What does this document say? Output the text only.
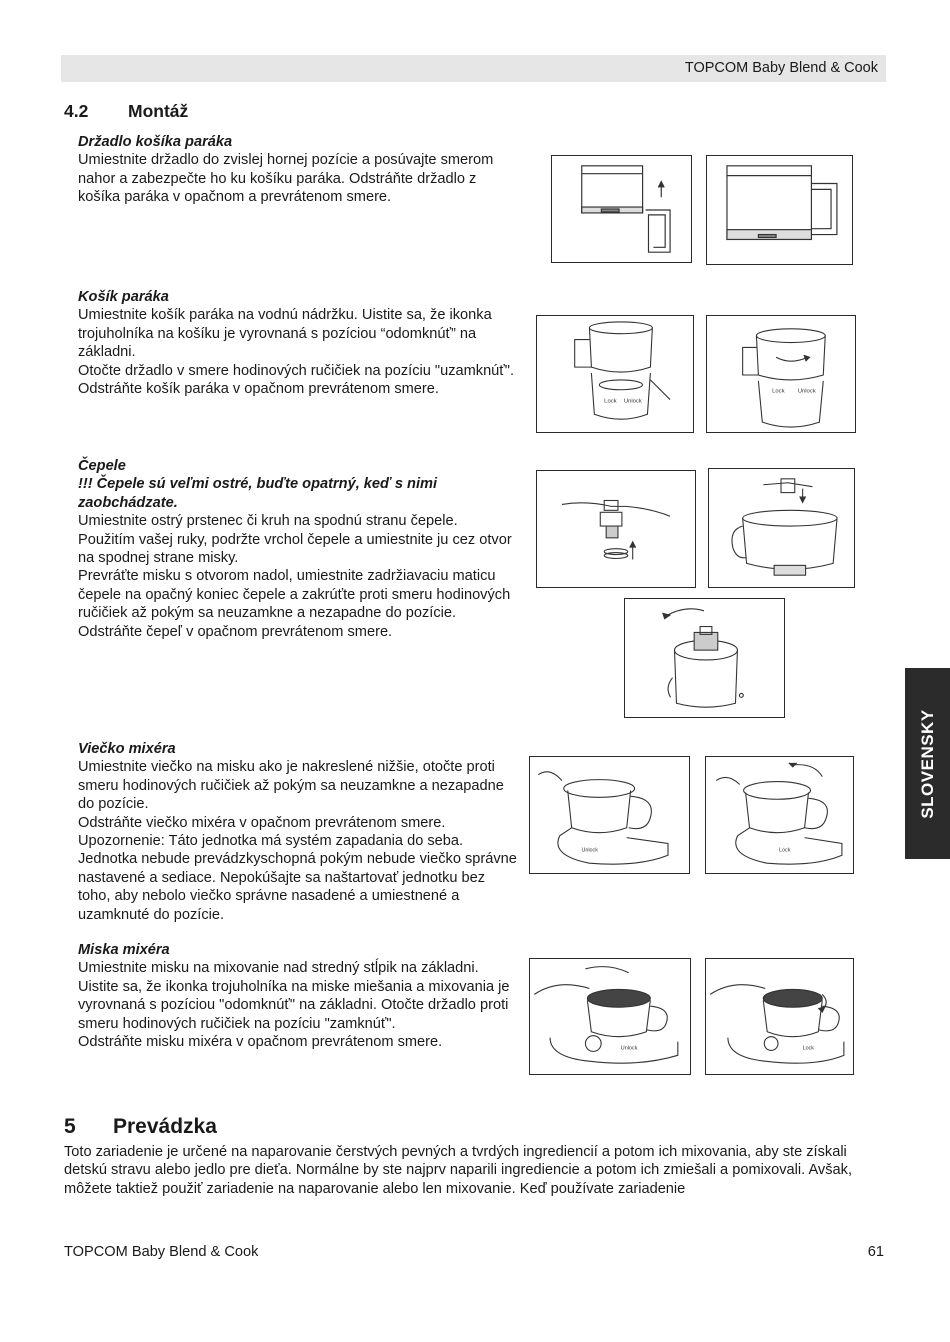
TOPCOM Baby Blend & Cook
4.2 Montáž
Držadlo košíka paráka
Umiestnite držadlo do zvislej hornej pozície a posúvajte smerom nahor a zabezpečte ho ku košíku paráka. Odstráňte držadlo z košíka paráka v opačnom a prevrátenom smere.
Košík paráka
Umiestnite košík paráka na vodnú nádržku. Uistite sa, že ikonka trojuholníka na košíku je vyrovnaná s pozíciou “odomknúť” na základni.
Otočte držadlo v smere hodinových ručičiek na pozíciu "uzamknúť". Odstráňte košík paráka v opačnom prevrátenom smere.
Lock Unlock
Lock Unlock
Čepele
!!! Čepele sú veľmi ostré, buďte opatrný, keď s nimi zaobchádzate.
Umiestnite ostrý prstenec či kruh na spodnú stranu čepele. Použitím vašej ruky, podržte vrchol čepele a umiestnite ju cez otvor na spodnej strane misky.
Prevráťte misku s otvorom nadol, umiestnite zadržiavaciu maticu čepele na opačný koniec čepele a zakrúťte proti smeru hodinových ručičiek až pokým sa neuzamkne a nezapadne do pozície.
Odstráňte čepeľ v opačnom prevrátenom smere.
Viečko mixéra
Umiestnite viečko na misku ako je nakreslené nižšie, otočte proti smeru hodinových ručičiek až pokým sa neuzamkne a nezapadne do pozície.
Odstráňte viečko mixéra v opačnom prevrátenom smere.
Upozornenie: Táto jednotka má systém zapadania do seba. Jednotka nebude prevádzkyschopná pokým nebude viečko správne nastavené a sediace. Nepokúšajte sa naštartovať jednotku bez toho, aby nebolo viečko správne nasadené a umiestnené a uzamknuté do pozície.
Unlock	Lock
Miska mixéra
Umiestnite misku na mixovanie nad stredný stĺpik na základni. Uistite sa, že ikonka trojuholníka na miske miešania a mixovania je vyrovnaná s pozíciou "odomknúť" na základni. Otočte držadlo proti smeru hodinových ručičiek na pozíciu "zamknúť".
Odstráňte misku mixéra v opačnom prevrátenom smere.	Unlock	Lock
SLOVENSKY
5 Prevádzka
Toto zariadenie je určené na naparovanie čerstvých pevných a tvrdých ingrediencií a potom ich mixovania, aby ste získali detskú stravu alebo jedlo pre dieťa. Normálne by ste najprv naparili ingrediencie a potom ich zmiešali a pomixovali. Avšak, môžete taktiež použiť zariadenie na naparovanie alebo len mixovanie. Keď používate zariadenie
TOPCOM Baby Blend & Cook	61
